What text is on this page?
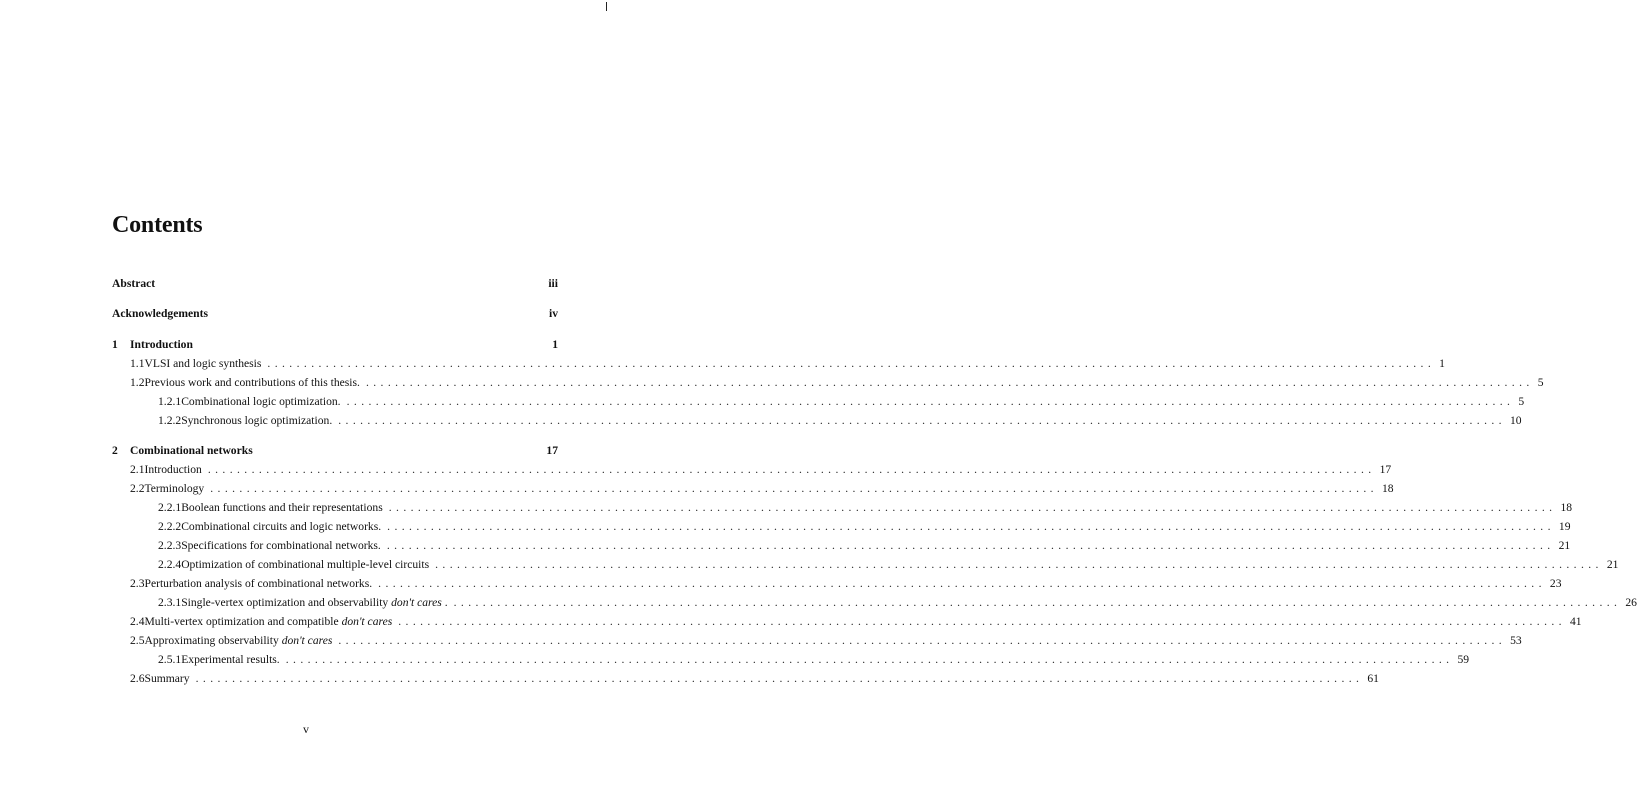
Contents
Abstract	iii
Acknowledgements	iv
1	Introduction	1
1.1 VLSI and logic synthesis ................................................................................................................................................................ 1
1.2 Previous work and contributions of this thesis. ................................................................................................................................................................ 5
1.2.1 Combinational logic optimization. ................................................................................................................................................................ 5
1.2.2 Synchronous logic optimization. ................................................................................................................................................................ 10
2	Combinational networks	17
2.1 Introduction ................................................................................................................................................................ 17
2.2 Terminology ................................................................................................................................................................ 18
2.2.1 Boolean functions and their representations ................................................................................................................................................................ 18
2.2.2 Combinational circuits and logic networks. ................................................................................................................................................................ 19
2.2.3 Specifications for combinational networks. ................................................................................................................................................................ 21
2.2.4 Optimization of combinational multiple-level circuits ................................................................................................................................................................ 21
2.3 Perturbation analysis of combinational networks. ................................................................................................................................................................ 23
2.3.1 Single-vertex optimization and observability don't cares . ................................................................................................................................................................ 26
2.4 Multi-vertex optimization and compatible don't cares ................................................................................................................................................................ 41
2.5 Approximating observability don't cares ................................................................................................................................................................ 53
2.5.1 Experimental results. ................................................................................................................................................................ 59
2.6 Summary ................................................................................................................................................................ 61
v
